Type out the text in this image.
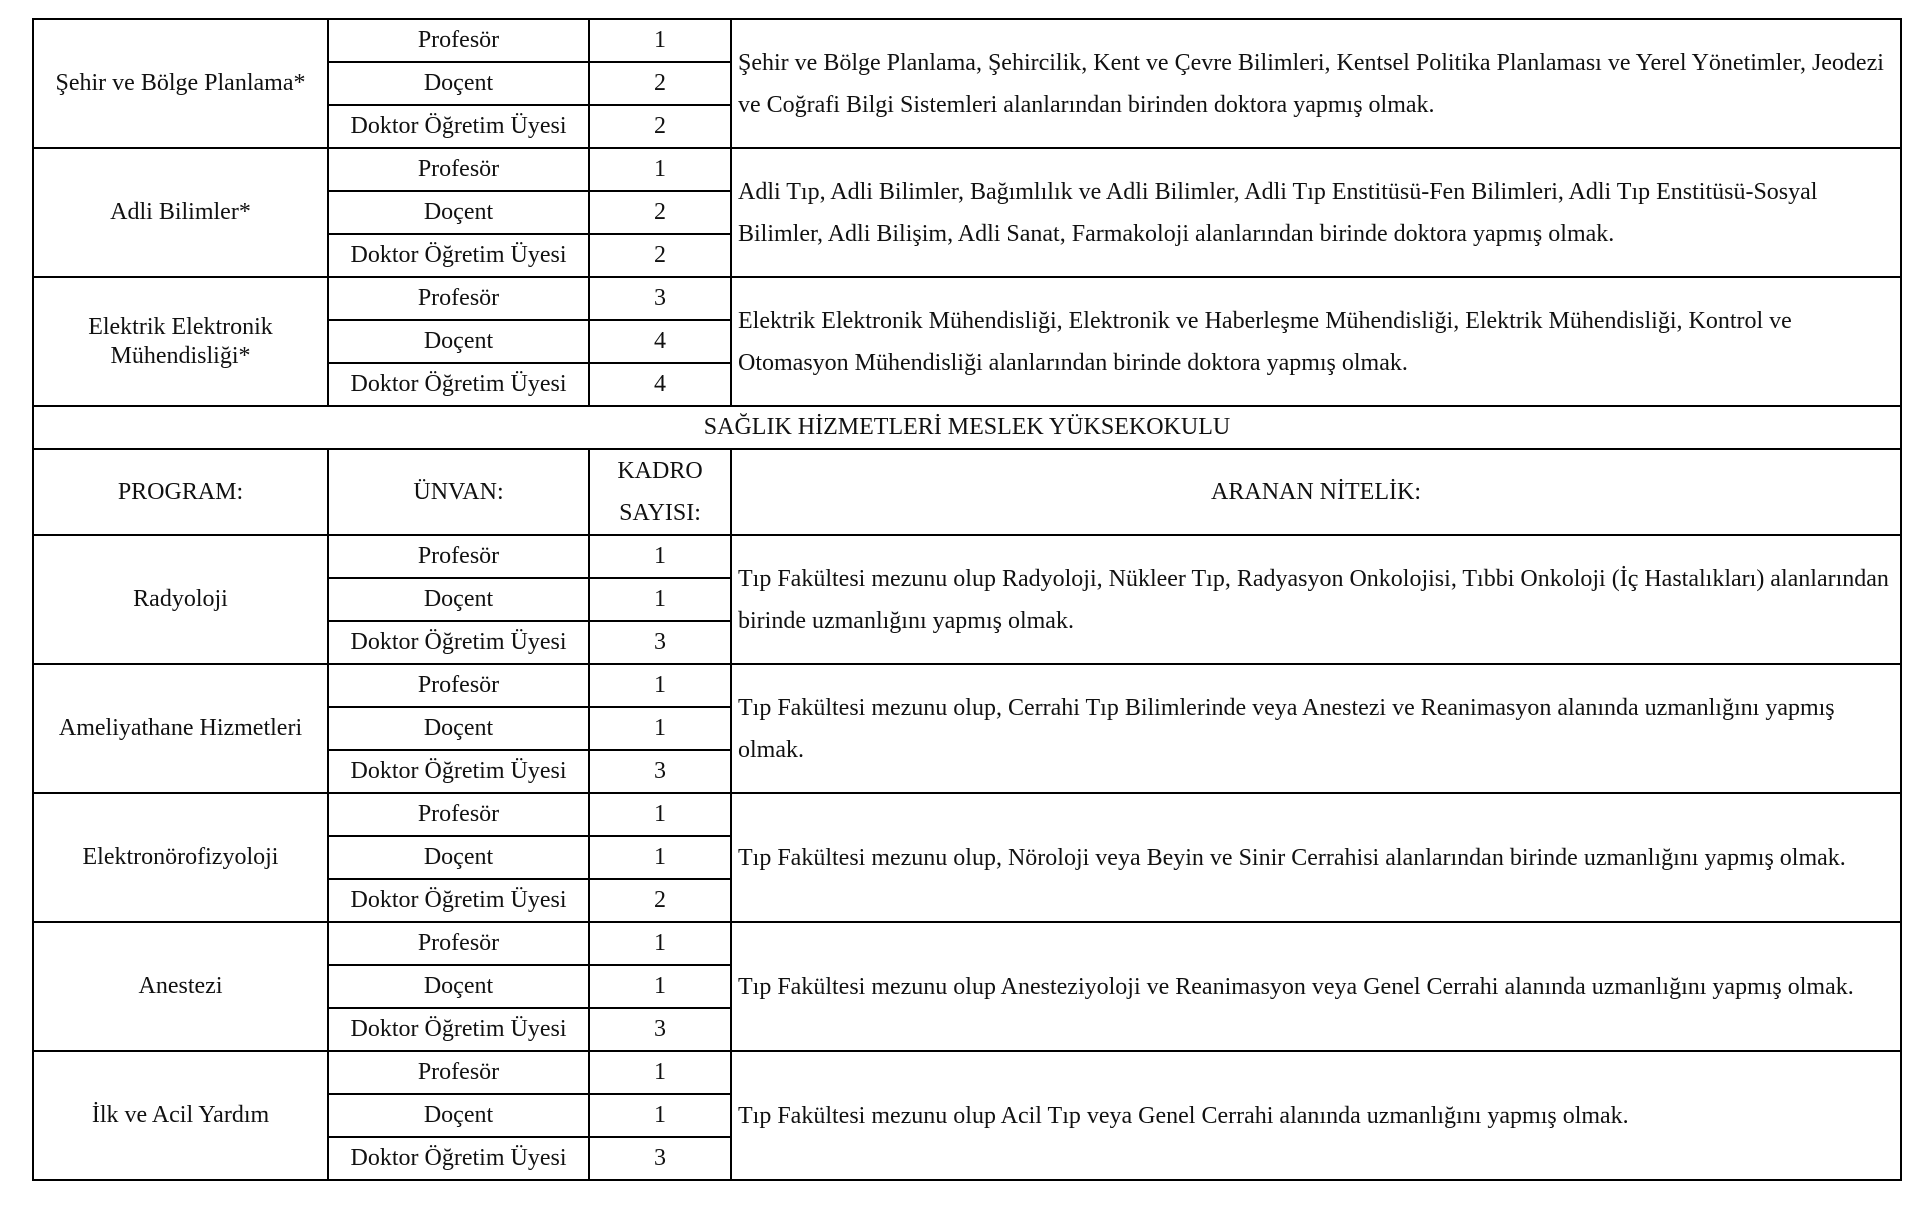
Şehir ve Bölge Planlama*	Profesör	1	Şehir ve Bölge Planlama, Şehircilik, Kent ve Çevre Bilimleri, Kentsel Politika Planlaması ve Yerel Yönetimler, Jeodezi ve Coğrafi Bilgi Sistemleri alanlarından birinden doktora yapmış olmak.
	Doçent	2	
	Doktor Öğretim Üyesi	2	
Adli Bilimler*	Profesör	1	Adli Tıp, Adli Bilimler, Bağımlılık ve Adli Bilimler, Adli Tıp Enstitüsü-Fen Bilimleri, Adli Tıp Enstitüsü-Sosyal Bilimler, Adli Bilişim, Adli Sanat, Farmakoloji alanlarından birinde doktora yapmış olmak.
	Doçent	2	
	Doktor Öğretim Üyesi	2	
Elektrik Elektronik Mühendisliği*	Profesör	3	Elektrik Elektronik Mühendisliği, Elektronik ve Haberleşme Mühendisliği, Elektrik Mühendisliği, Kontrol ve Otomasyon Mühendisliği alanlarından birinde doktora yapmış olmak.
	Doçent	4	
	Doktor Öğretim Üyesi	4	
SAĞLIK HİZMETLERİ MESLEK YÜKSEKOKULU			
PROGRAM:	ÜNVAN:	KADRO SAYISI:	ARANAN NİTELİK:
Radyoloji	Profesör	1	Tıp Fakültesi mezunu olup Radyoloji, Nükleer Tıp, Radyasyon Onkolojisi, Tıbbi Onkoloji (İç Hastalıkları) alanlarından birinde uzmanlığını yapmış olmak.
	Doçent	1	
	Doktor Öğretim Üyesi	3	
Ameliyathane Hizmetleri	Profesör	1	Tıp Fakültesi mezunu olup, Cerrahi Tıp Bilimlerinde veya Anestezi ve Reanimasyon alanında uzmanlığını yapmış olmak.
	Doçent	1	
	Doktor Öğretim Üyesi	3	
Elektronörofizyoloji	Profesör	1	Tıp Fakültesi mezunu olup, Nöroloji veya Beyin ve Sinir Cerrahisi alanlarından birinde uzmanlığını yapmış olmak.
	Doçent	1	
	Doktor Öğretim Üyesi	2	
Anestezi	Profesör	1	Tıp Fakültesi mezunu olup Anesteziyoloji ve Reanimasyon veya Genel Cerrahi alanında uzmanlığını yapmış olmak.
	Doçent	1	
	Doktor Öğretim Üyesi	3	
İlk ve Acil Yardım	Profesör	1	Tıp Fakültesi mezunu olup Acil Tıp veya Genel Cerrahi alanında uzmanlığını yapmış olmak.
	Doçent	1	
	Doktor Öğretim Üyesi	3	
